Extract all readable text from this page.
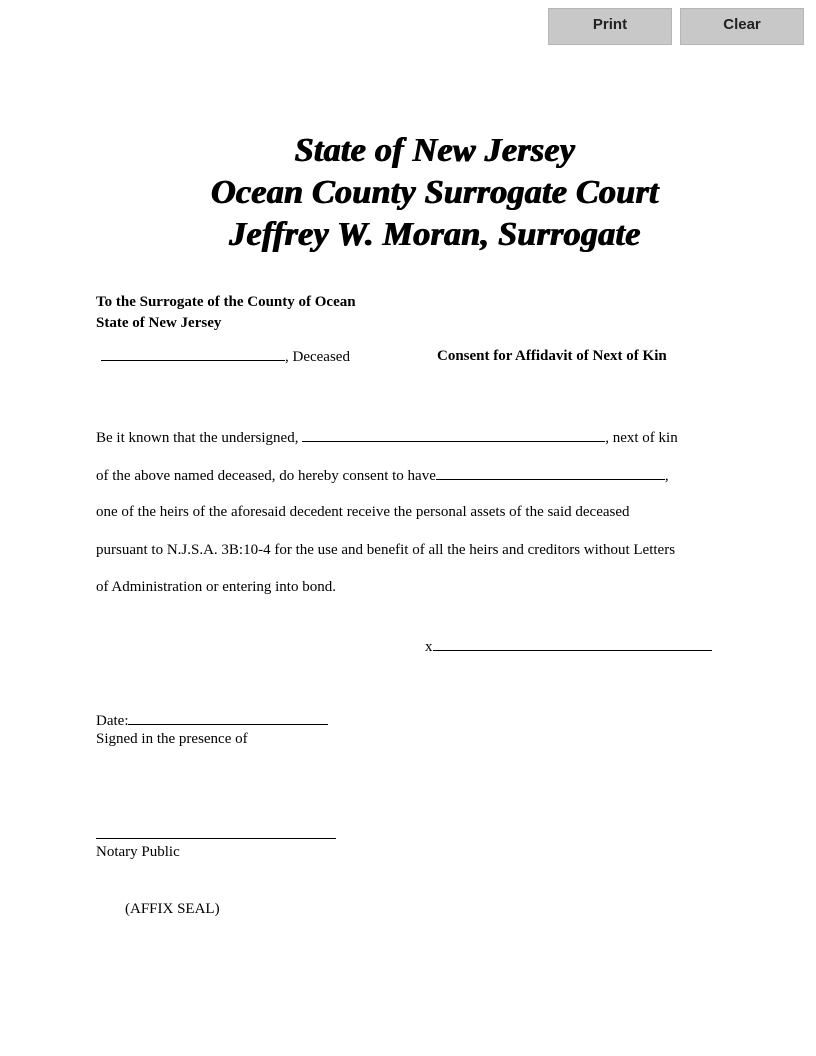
Print	Clear
State of New Jersey
Ocean County Surrogate Court
Jeffrey W. Moran, Surrogate
To the Surrogate of the County of Ocean
State of New Jersey
, Deceased	Consent for Affidavit of Next of Kin
Be it known that the undersigned,	, next of kin
of the above named deceased, do hereby consent to have	,
one of the heirs of the aforesaid decedent receive the personal assets of the said deceased
pursuant to N.J.S.A. 3B:10-4 for the use and benefit of all the heirs and creditors without Letters
of Administration or entering into bond.
x
Date:
Signed in the presence of
Notary Public
(AFFIX SEAL)
